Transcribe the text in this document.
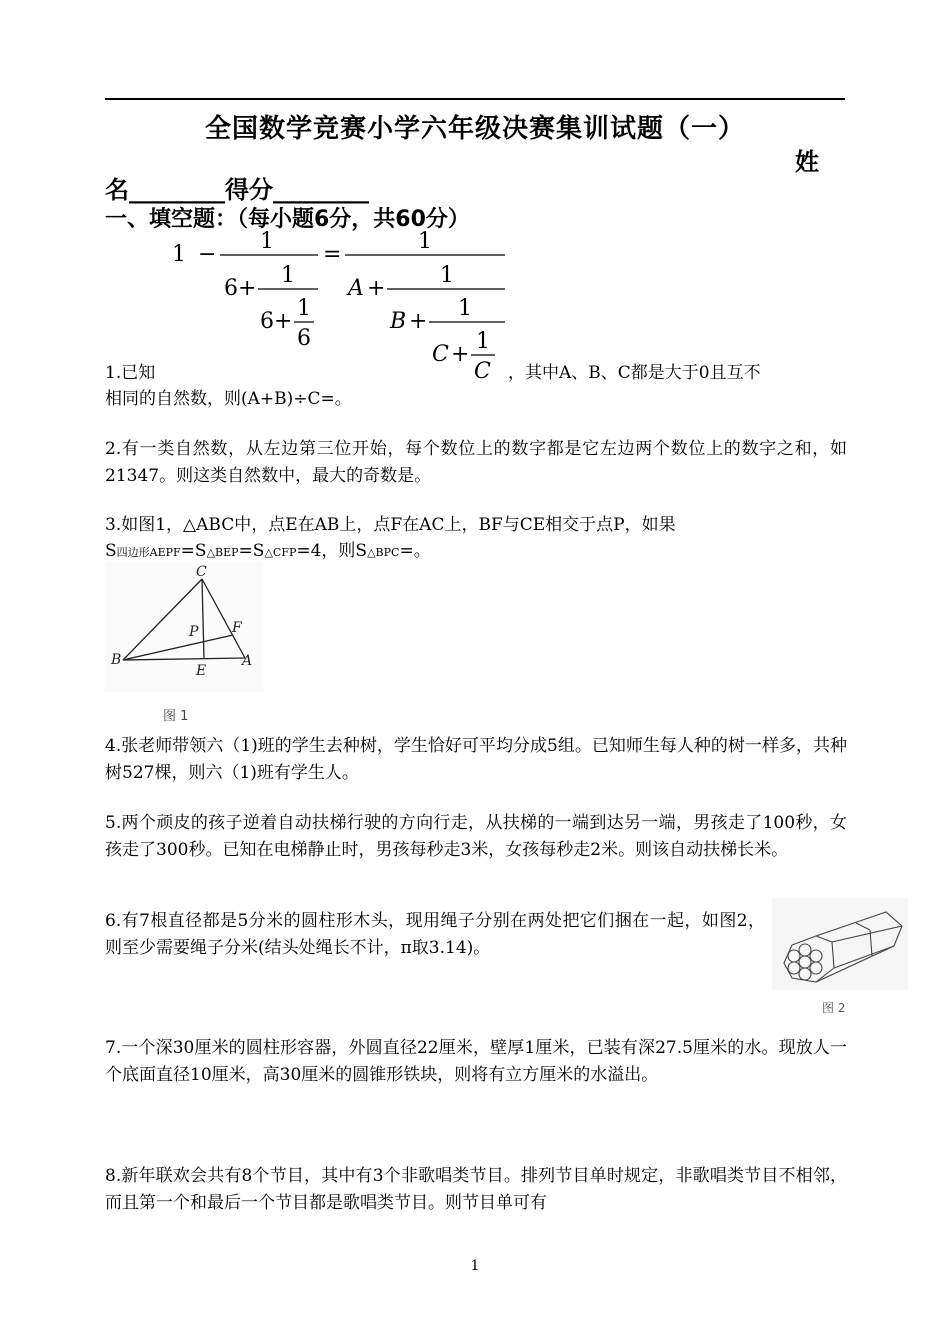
全国数学竞赛小学六年级决赛集训试题（一）
姓
名________得分________
一、填空题：（每小题6分，共60分）
1 −
1
6 +
1
6 +
1
6
=
1
A +
1
B +
1
C +
1
C
1.已知	，其中A、B、C都是大于0且互不
相同的自然数，则(A+B)÷C=。
2.有一类自然数，从左边第三位开始，每个数位上的数字都是它左边两个数位上的数字之和，如21347。则这类自然数中，最大的奇数是。
3.如图1，△ABC中，点E在AB上，点F在AC上，BF与CE相交于点P，如果
S四边形AEPF=S△BEP=S△CFP=4，则S△BPC=。
C
B	A
P F
E
图 1
4.张老师带领六（1)班的学生去种树，学生恰好可平均分成5组。已知师生每人种的树一样多，共种树527棵，则六（1)班有学生人。
5.两个顽皮的孩子逆着自动扶梯行驶的方向行走，从扶梯的一端到达另一端，男孩走了100秒，女孩走了300秒。已知在电梯静止时，男孩每秒走3米，女孩每秒走2米。则该自动扶梯长米。
6.有7根直径都是5分米的圆柱形木头，现用绳子分别在两处把它们捆在一起，如图2，则至少需要绳子分米(结头处绳长不计，π取3.14)。
图 2
7.一个深30厘米的圆柱形容器，外圆直径22厘米，壁厚1厘米，已装有深27.5厘米的水。现放人一个底面直径10厘米，高30厘米的圆锥形铁块，则将有立方厘米的水溢出。
8.新年联欢会共有8个节目，其中有3个非歌唱类节目。排列节目单时规定，非歌唱类节目不相邻，而且第一个和最后一个节目都是歌唱类节目。则节目单可有
1
